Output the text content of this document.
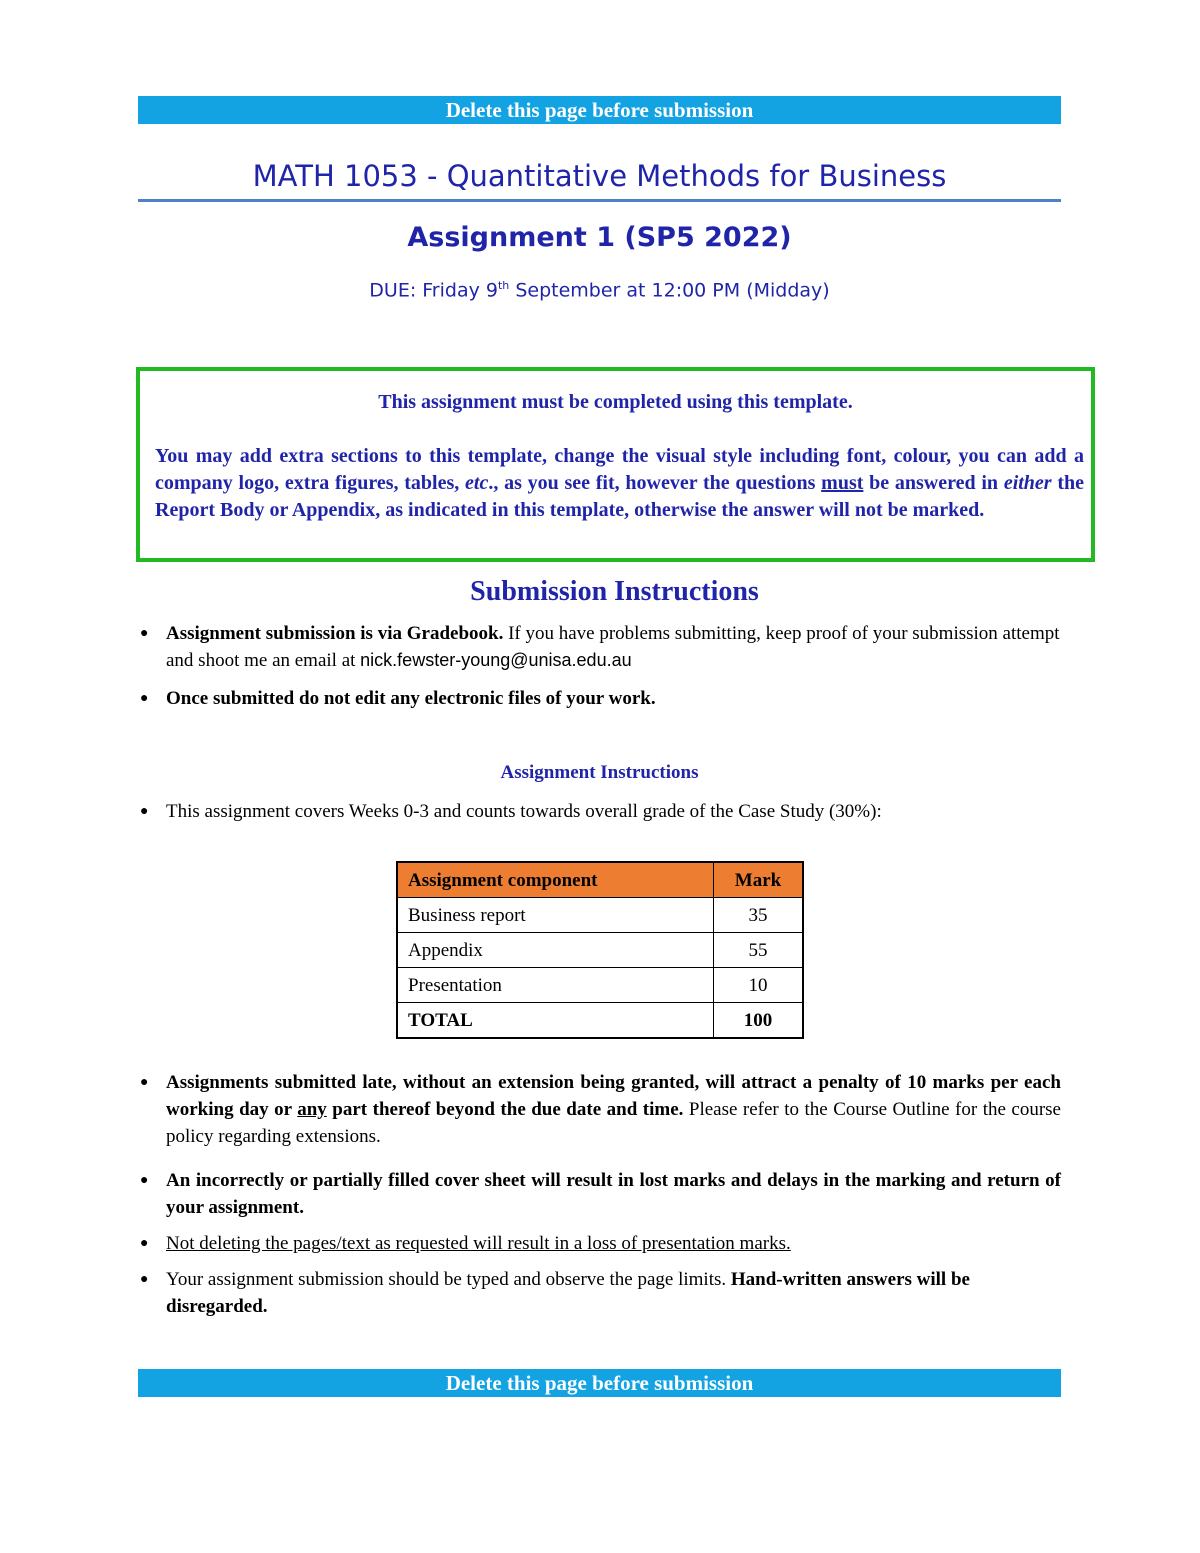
Delete this page before submission
MATH 1053 - Quantitative Methods for Business
Assignment 1 (SP5 2022)
DUE: Friday 9th September at 12:00 PM (Midday)
This assignment must be completed using this template.
You may add extra sections to this template, change the visual style including font, colour, you can add a company logo, extra figures, tables, etc., as you see fit, however the questions must be answered in either the Report Body or Appendix, as indicated in this template, otherwise the answer will not be marked.
Submission Instructions
● Assignment submission is via Gradebook. If you have problems submitting, keep proof of your submission attempt and shoot me an email at nick.fewster-young@unisa.edu.au
● Once submitted do not edit any electronic files of your work.
Assignment Instructions
● This assignment covers Weeks 0-3 and counts towards overall grade of the Case Study (30%):
Assignment component	Mark
Business report	35
Appendix	55
Presentation	10
TOTAL	100
● Assignments submitted late, without an extension being granted, will attract a penalty of 10 marks per each working day or any part thereof beyond the due date and time. Please refer to the Course Outline for the course policy regarding extensions.
● An incorrectly or partially filled cover sheet will result in lost marks and delays in the marking and return of your assignment.
● Not deleting the pages/text as requested will result in a loss of presentation marks.
● Your assignment submission should be typed and observe the page limits. Hand-written answers will be disregarded.
Delete this page before submission
